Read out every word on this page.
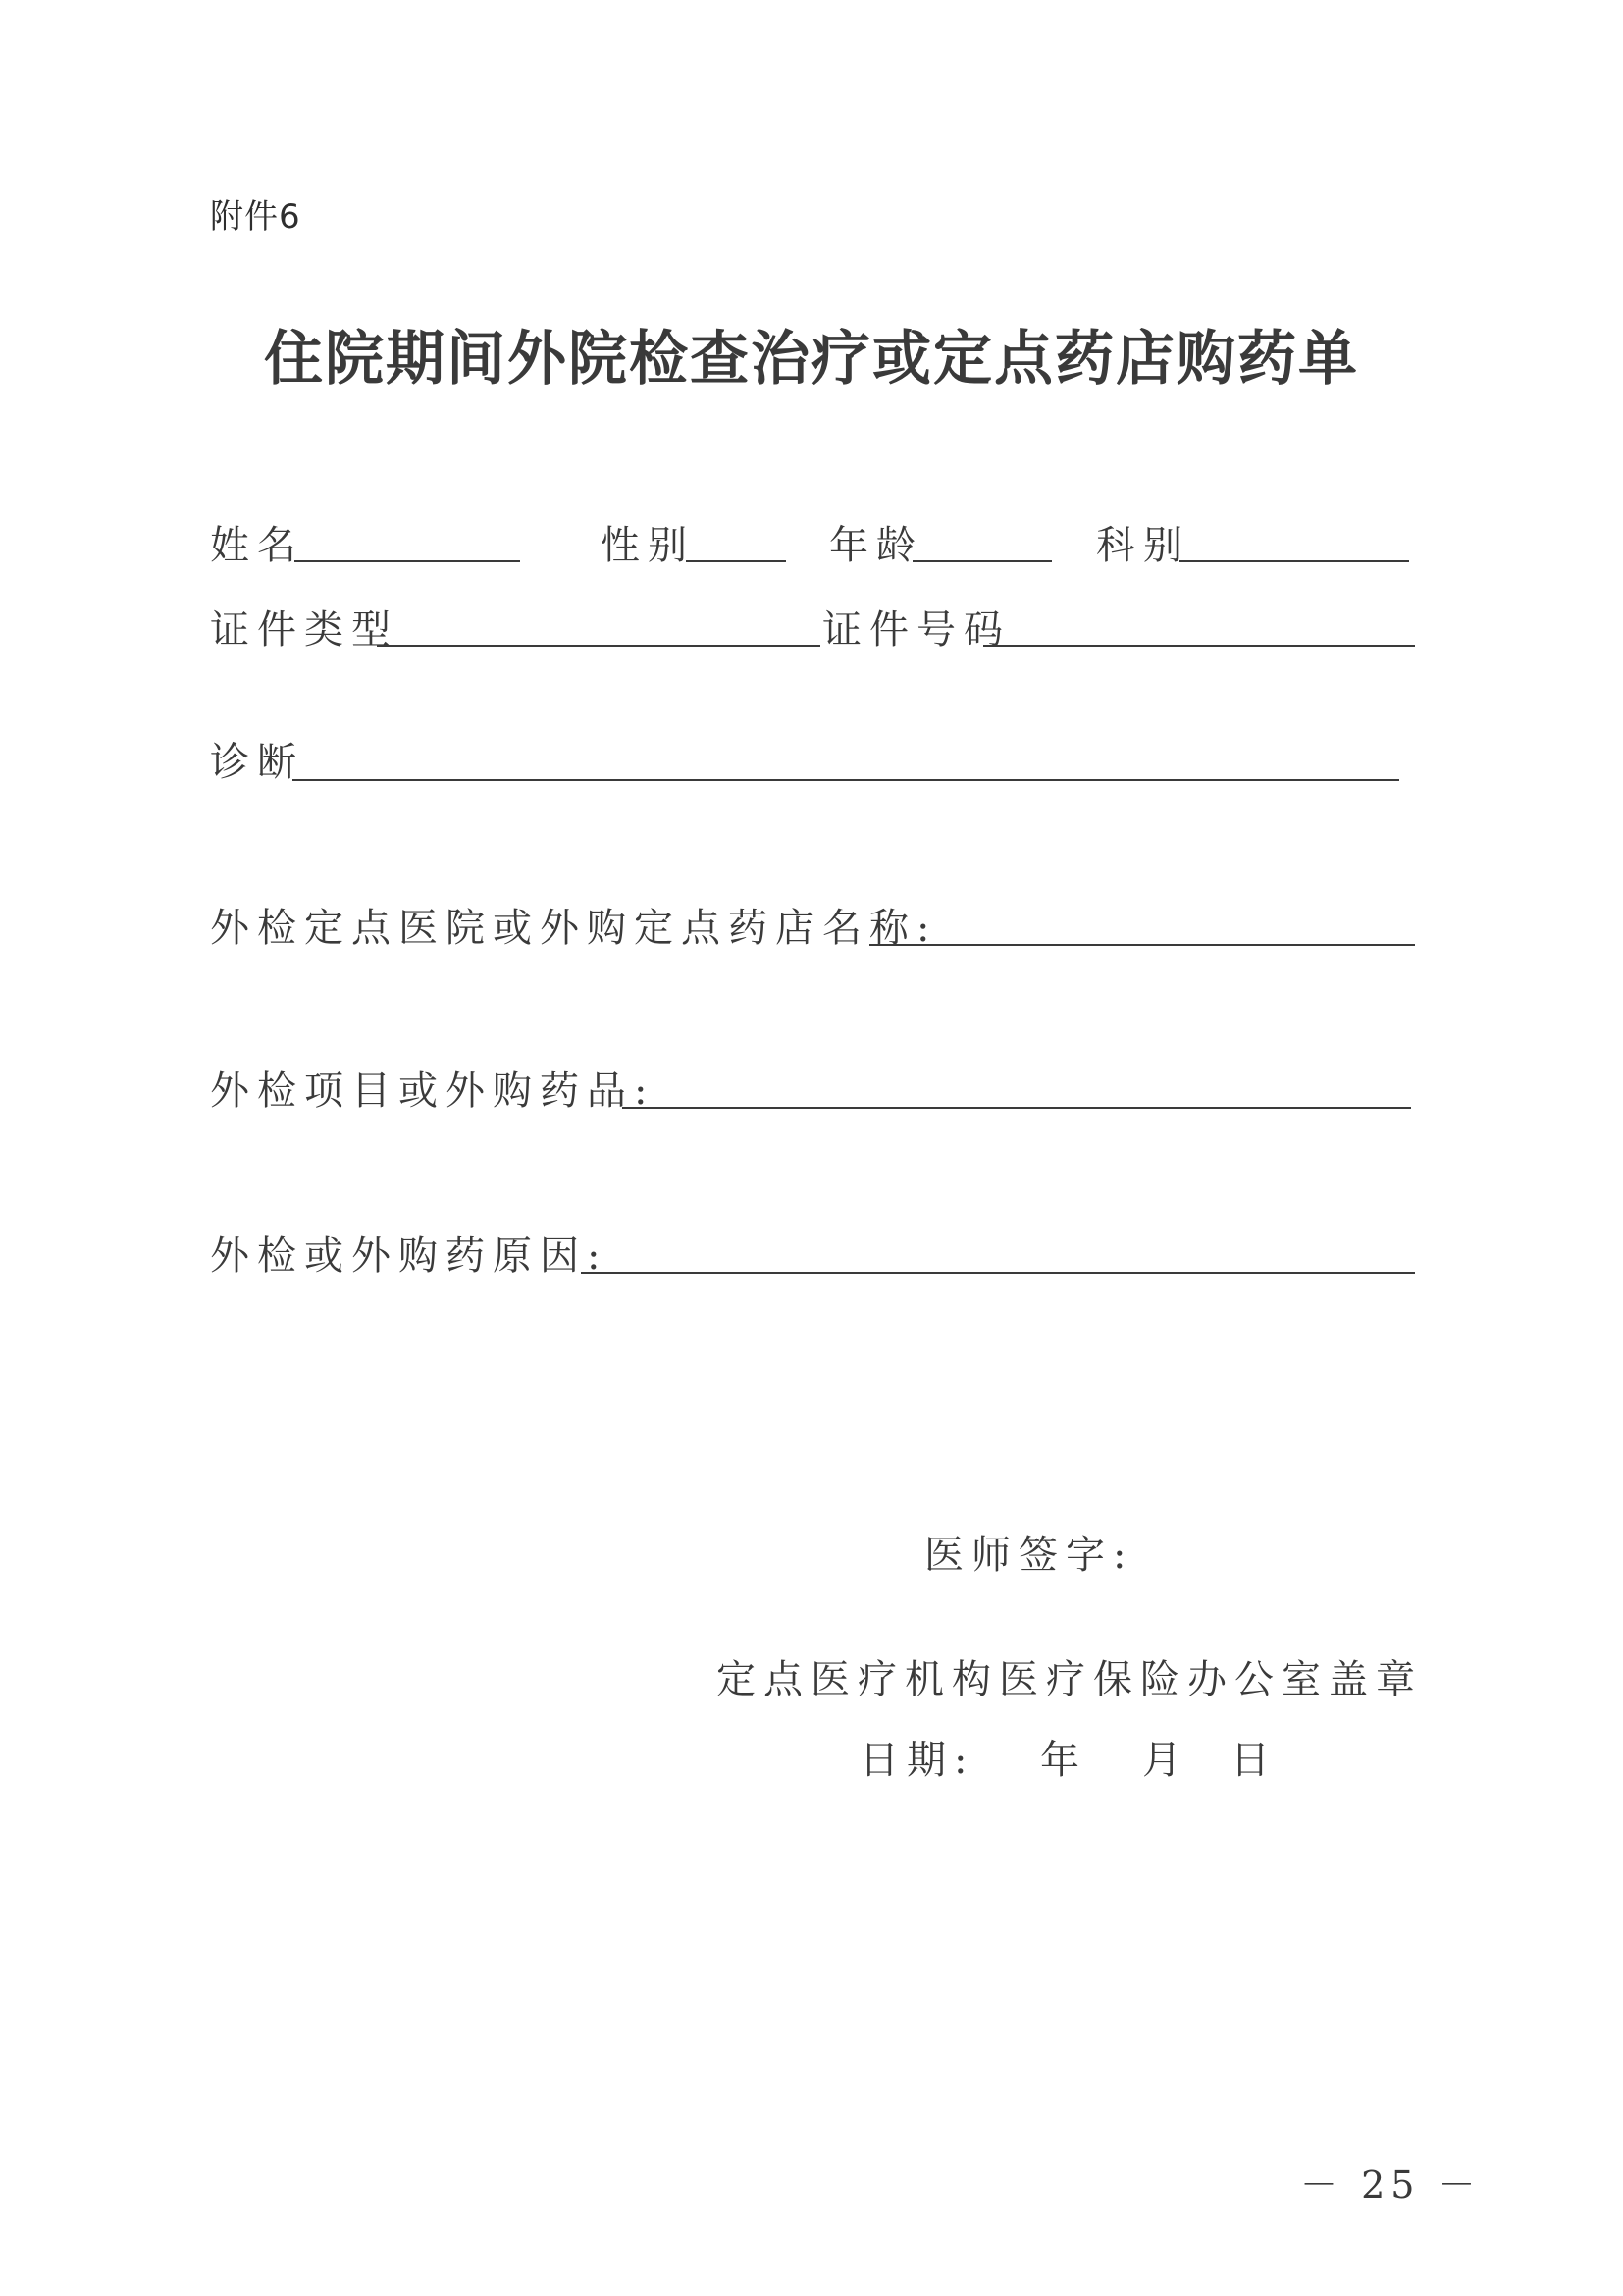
附件6
住院期间外院检查治疗或定点药店购药单
姓名	性别	年龄	科别
证件类型	证件号码
诊断
外检定点医院或外购定点药店名称:
外检项目或外购药品:
外检或外购药原因:
医师签字:
定点医疗机构医疗保险办公室盖章
日期: 年 月 日
－ 25 －
